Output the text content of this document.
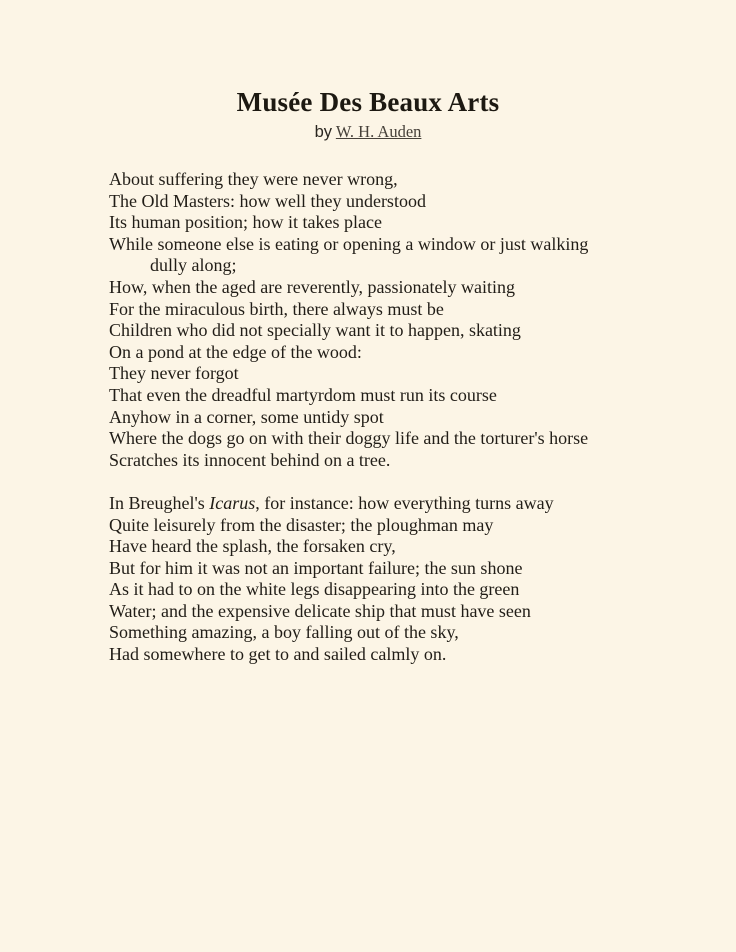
Musée Des Beaux Arts
by W. H. Auden
About suffering they were never wrong,
The Old Masters: how well they understood
Its human position; how it takes place
While someone else is eating or opening a window or just walking
dully along;
How, when the aged are reverently, passionately waiting
For the miraculous birth, there always must be
Children who did not specially want it to happen, skating
On a pond at the edge of the wood:
They never forgot
That even the dreadful martyrdom must run its course
Anyhow in a corner, some untidy spot
Where the dogs go on with their doggy life and the torturer's horse
Scratches its innocent behind on a tree.
In Breughel's Icarus, for instance: how everything turns away
Quite leisurely from the disaster; the ploughman may
Have heard the splash, the forsaken cry,
But for him it was not an important failure; the sun shone
As it had to on the white legs disappearing into the green
Water; and the expensive delicate ship that must have seen
Something amazing, a boy falling out of the sky,
Had somewhere to get to and sailed calmly on.
